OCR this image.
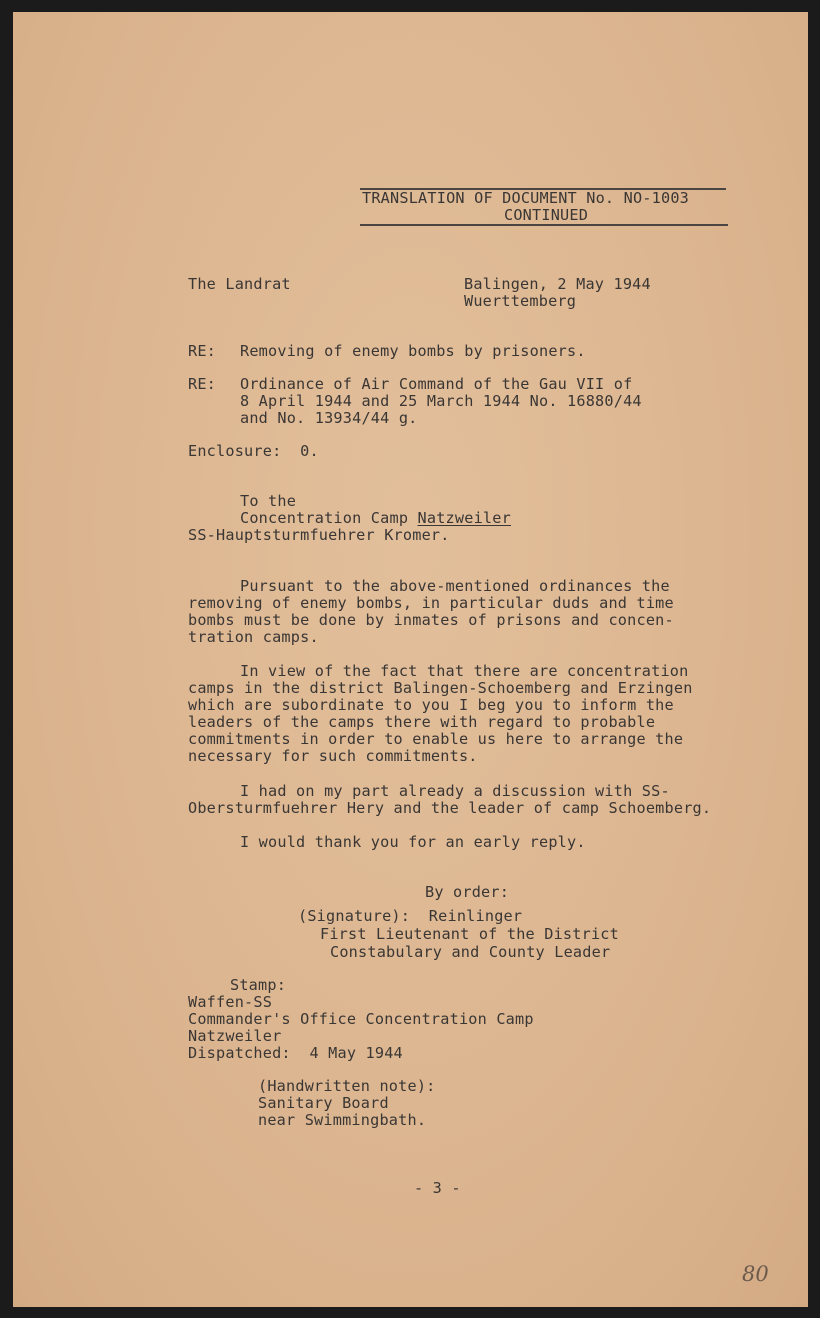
TRANSLATION OF DOCUMENT No. NO-1003
CONTINUED
The Landrat	Balingen, 2 May 1944
Wuerttemberg
RE: Removing of enemy bombs by prisoners.
RE: Ordinance of Air Command of the Gau VII of
8 April 1944 and 25 March 1944 No. 16880/44
and No. 13934/44 g.
Enclosure:  0.
To the
Concentration Camp Natzweiler
SS-Hauptsturmfuehrer Kromer.
Pursuant to the above-mentioned ordinances the
removing of enemy bombs, in particular duds and time
bombs must be done by inmates of prisons and concen-
tration camps.
In view of the fact that there are concentration
camps in the district Balingen-Schoemberg and Erzingen
which are subordinate to you I beg you to inform the
leaders of the camps there with regard to probable
commitments in order to enable us here to arrange the
necessary for such commitments.
I had on my part already a discussion with SS-
Obersturmfuehrer Hery and the leader of camp Schoemberg.
I would thank you for an early reply.
By order:
(Signature):  Reinlinger
First Lieutenant of the District
Constabulary and County Leader
Stamp:
Waffen-SS
Commander's Office Concentration Camp
Natzweiler
Dispatched:  4 May 1944
(Handwritten note):
Sanitary Board
near Swimmingbath.
- 3 -
80
